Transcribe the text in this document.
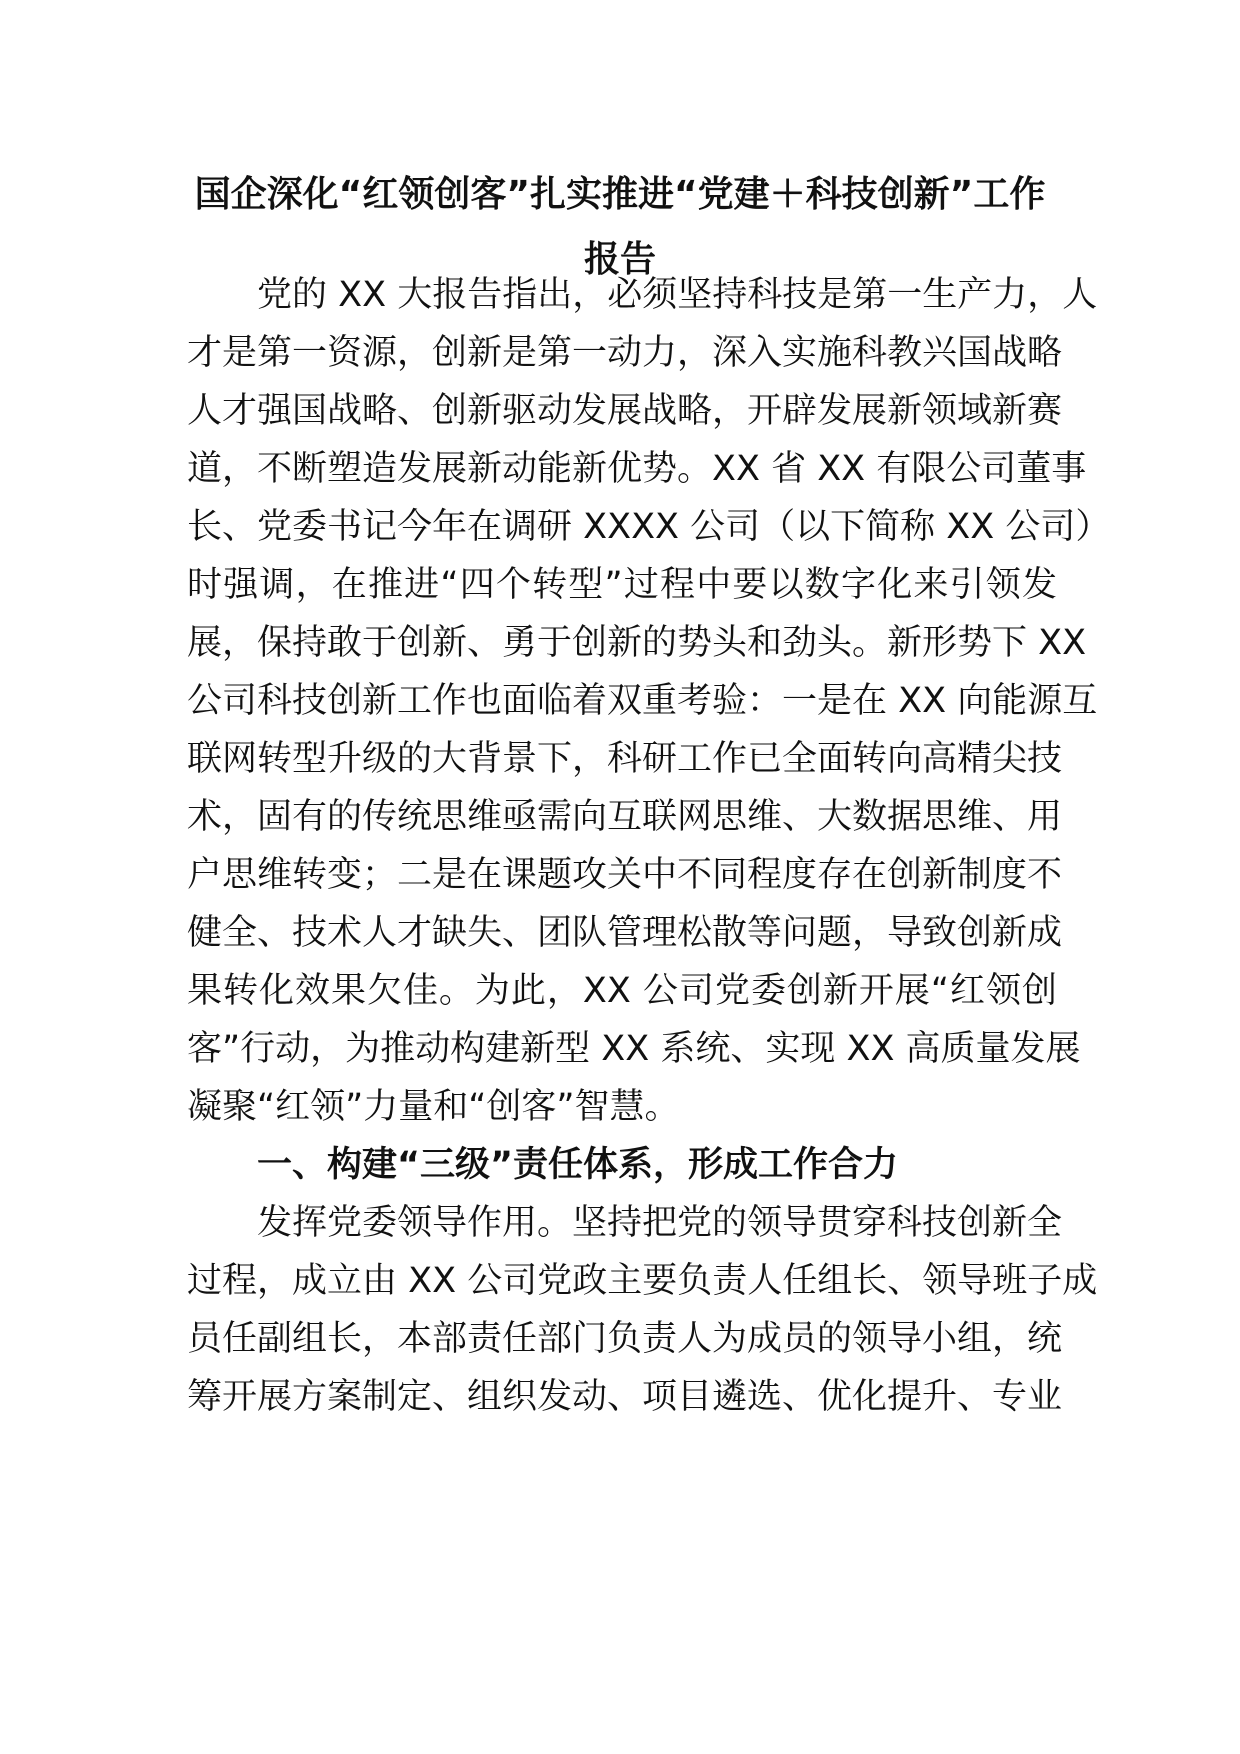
国企深化“红领创客”扎实推进“党建＋科技创新”工作
报告
党的 XX 大报告指出，必须坚持科技是第一生产力，人
才是第一资源，创新是第一动力，深入实施科教兴国战略
人才强国战略、创新驱动发展战略，开辟发展新领域新赛
道，不断塑造发展新动能新优势。XX 省 XX 有限公司董事
长、党委书记今年在调研 XXXX 公司（以下简称 XX 公司）
时强调，在推进“四个转型”过程中要以数字化来引领发
展，保持敢于创新、勇于创新的势头和劲头。新形势下 XX
公司科技创新工作也面临着双重考验：一是在 XX 向能源互
联网转型升级的大背景下，科研工作已全面转向高精尖技
术，固有的传统思维亟需向互联网思维、大数据思维、用
户思维转变；二是在课题攻关中不同程度存在创新制度不
健全、技术人才缺失、团队管理松散等问题，导致创新成
果转化效果欠佳。为此，XX 公司党委创新开展“红领创
客”行动，为推动构建新型 XX 系统、实现 XX 高质量发展
凝聚“红领”力量和“创客”智慧。
一、构建“三级”责任体系，形成工作合力
发挥党委领导作用。坚持把党的领导贯穿科技创新全
过程，成立由 XX 公司党政主要负责人任组长、领导班子成
员任副组长，本部责任部门负责人为成员的领导小组，统
筹开展方案制定、组织发动、项目遴选、优化提升、专业
